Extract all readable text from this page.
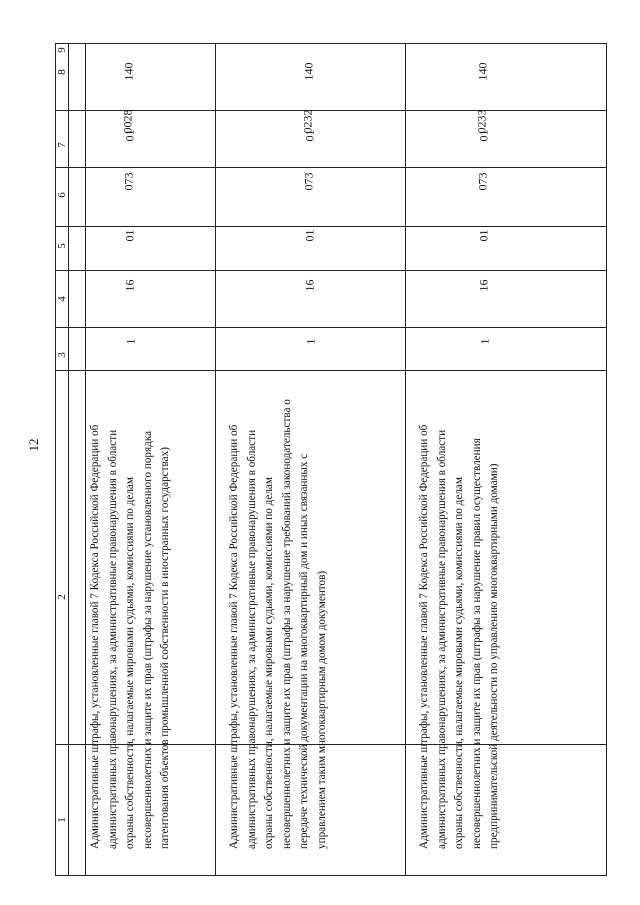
12
1
2
3
4
5
6
7
8
9
Административные штрафы, установленные главой 7 Кодекса Российской Федерации об административных правонарушениях, за административные правонарушения в области охраны собственности, налагаемые мировыми судьями, комиссиями по делам несовершеннолетних и защите их прав (штрафы за нарушение установленного порядка патентования объектов промышленной собственности в иностранных государствах)
1
16
01
073
01
0028
140
Административные штрафы, установленные главой 7 Кодекса Российской Федерации об административных правонарушениях, за административные правонарушения в области охраны собственности, налагаемые мировыми судьями, комиссиями по делам несовершеннолетних и защите их прав (штрафы за нарушение требований законодательства о передаче технической документации на многоквартирный дом и иных связанных с управлением таким многоквартирным домом документов)
1
16
01
073
01
0232
140
Административные штрафы, установленные главой 7 Кодекса Российской Федерации об административных правонарушениях, за административные правонарушения в области охраны собственности, налагаемые мировыми судьями, комиссиями по делам несовершеннолетних и защите их прав (штрафы за нарушение правил осуществления предпринимательской деятельности по управлению многоквартирными домами)
1
16
01
073
01
0233
140
